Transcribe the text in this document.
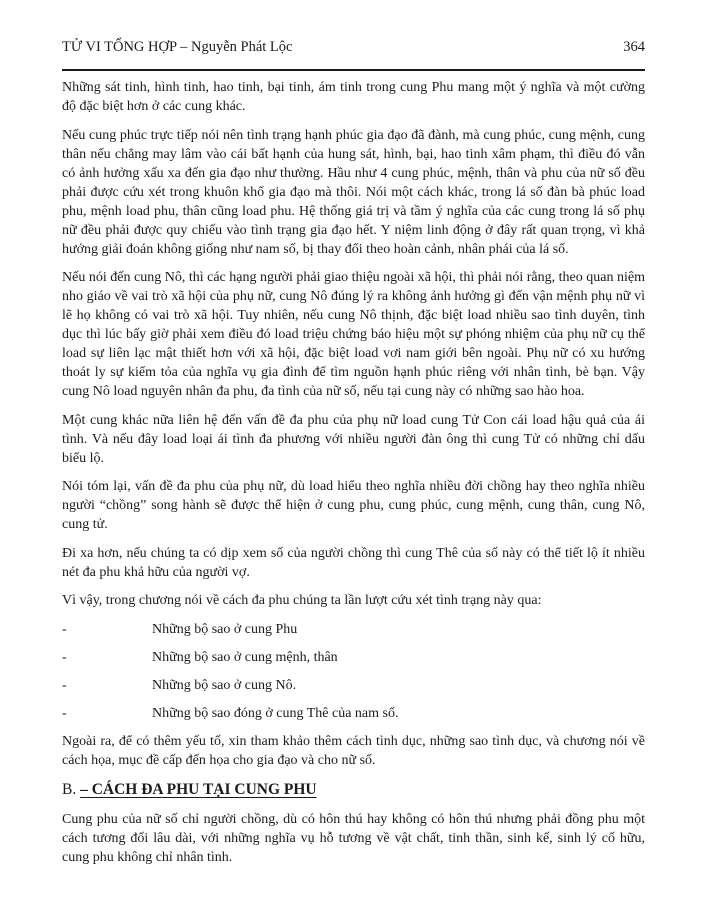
TỬ VI TỔNG HỢP – Nguyễn Phát Lộc	364

Những sát tinh, hình tinh, hao tinh, bại tinh, ám tinh trong cung Phu mang một ý nghĩa và một cường độ đặc biệt hơn ở các cung khác.

Nếu cung phúc trực tiếp nói nên tình trạng hạnh phúc gia đạo đã đành, mà cung phúc, cung mệnh, cung thân nếu chẳng may lâm vào cái bất hạnh của hung sát, hình, bại, hao tinh xâm phạm, thì điều đó vẫn có ảnh hưởng xấu xa đến gia đạo như thường. Hầu như 4 cung phúc, mệnh, thân và phu của nữ số đều phải được cứu xét trong khuôn khổ gia đạo mà thôi. Nói một cách khác, trong lá số đàn bà phúc load phu, mệnh load phu, thân cũng load phu. Hệ thống giá trị và tầm ý nghĩa của các cung trong lá số phụ nữ đều phải được quy chiếu vào tình trạng gia đạo hết. Y niệm linh động ở đây rất quan trọng, vì khả hướng giải đoán không giống như nam số, bị thay đổi theo hoàn cảnh, nhân phái của lá số.

Nếu nói đến cung Nô, thì các hạng người phải giao thiệu ngoài xã hội, thì phải nói rằng, theo quan niệm nho giáo về vai trò xã hội của phụ nữ, cung Nô đúng lý ra không ảnh hưởng gì đến vận mệnh phụ nữ vì lẽ họ không có vai trò xã hội. Tuy nhiên, nếu cung Nô thịnh, đặc biệt load nhiều sao tình duyên, tình dục thì lúc bấy giờ phải xem điều đó load triệu chứng báo hiệu một sự phóng nhiệm của phụ nữ cụ thể load sự liên lạc mật thiết hơn với xã hội, đặc biệt load vơi nam giới bên ngoài. Phụ nữ có xu hướng thoát ly sự kiểm tỏa của nghĩa vụ gia đình để tìm nguồn hạnh phúc riêng với nhân tình, bè bạn. Vậy cung Nô load nguyên nhân đa phu, đa tình của nữ số, nếu tại cung này có những sao hào hoa.

Một cung khác nữa liên hệ đến vấn đề đa phu của phụ nữ load cung Tử Con cái load hậu quả của ái tình. Và nếu đây load loại ái tình đa phương với nhiều người đàn ông thì cung Tử có những chỉ dấu biểu lộ.

Nói tóm lại, vấn đề đa phu của phụ nữ, dù load hiểu theo nghĩa nhiều đời chồng hay theo nghĩa nhiều người “chồng” song hành sẽ được thể hiện ở cung phu, cung phúc, cung mệnh, cung thân, cung Nô, cung tử.

Đi xa hơn, nếu chúng ta có dịp xem số của người chồng thì cung Thê của số này có thể tiết lộ ít nhiều nét đa phu khả hữu của người vợ.

Vì vậy, trong chương nói về cách đa phu chúng ta lần lượt cứu xét tình trạng này qua:

-	Những bộ sao ở cung Phu
-	Những bộ sao ở cung mệnh, thân
-	Những bộ sao ở cung Nô.
-	Những bộ sao đóng ở cung Thê của nam số.

Ngoài ra, để có thêm yếu tố, xin tham khảo thêm cách tình dục, những sao tình dục, và chương nói về cách họa, mục đề cấp đến họa cho gia đạo và cho nữ số.

B. – CÁCH ĐA PHU TẠI CUNG PHU

Cung phu của nữ số chỉ người chồng, dù có hôn thú hay không có hôn thú nhưng phải đồng phu một cách tương đối lâu dài, với những nghĩa vụ hỗ tương về vật chất, tinh thần, sinh kế, sinh lý cố hữu, cung phu không chỉ nhân tình.
